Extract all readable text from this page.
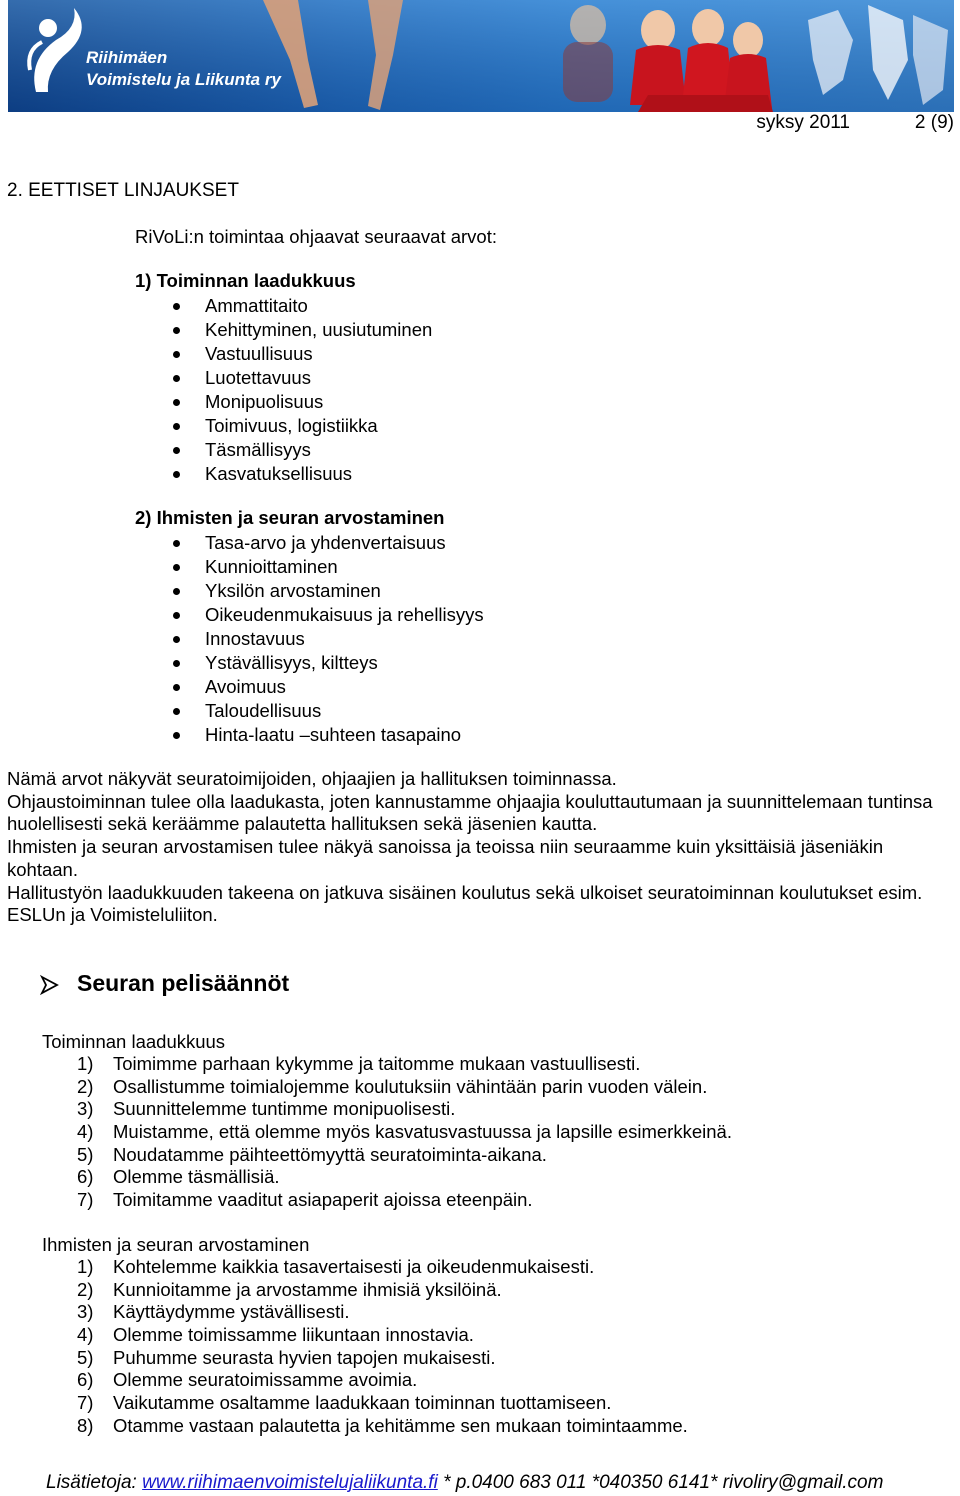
Riihimäen
Voimistelu ja Liikunta ry
syksy 2011	2 (9)
2. EETTISET LINJAUKSET
RiVoLi:n toimintaa ohjaavat seuraavat arvot:
1) Toiminnan laadukkuus
Ammattitaito
Kehittyminen, uusiutuminen
Vastuullisuus
Luotettavuus
Monipuolisuus
Toimivuus, logistiikka
Täsmällisyys
Kasvatuksellisuus
2) Ihmisten ja seuran arvostaminen
Tasa-arvo ja yhdenvertaisuus
Kunnioittaminen
Yksilön arvostaminen
Oikeudenmukaisuus ja rehellisyys
Innostavuus
Ystävällisyys, kiltteys
Avoimuus
Taloudellisuus
Hinta-laatu –suhteen tasapaino

Nämä arvot näkyvät seuratoimijoiden, ohjaajien ja hallituksen toiminnassa.

Ohjaustoiminnan tulee olla laadukasta, joten kannustamme ohjaajia kouluttautumaan ja suunnittelemaan tuntinsa huolellisesti sekä keräämme palautetta hallituksen sekä jäsenien kautta.

Ihmisten ja seuran arvostamisen tulee näkyä sanoissa ja teoissa niin seuraamme kuin yksittäisiä jäseniäkin kohtaan.

Hallitustyön laadukkuuden takeena on jatkuva sisäinen koulutus sekä ulkoiset seuratoiminnan koulutukset esim. ESLUn ja Voimisteluliiton.

Seuran pelisäännöt
Toiminnan laadukkuus
1) Toimimme parhaan kykymme ja taitomme mukaan vastuullisesti.
2) Osallistumme toimialojemme koulutuksiin vähintään parin vuoden välein.
3) Suunnittelemme tuntimme monipuolisesti.
4) Muistamme, että olemme myös kasvatusvastuussa ja lapsille esimerkkeinä.
5) Noudatamme päihteettömyyttä seuratoiminta-aikana.
6) Olemme täsmällisiä.
7) Toimitamme vaaditut asiapaperit ajoissa eteenpäin.
Ihmisten ja seuran arvostaminen
1) Kohtelemme kaikkia tasavertaisesti ja oikeudenmukaisesti.
2) Kunnioitamme ja arvostamme ihmisiä yksilöinä.
3) Käyttäydymme ystävällisesti.
4) Olemme toimissamme liikuntaan innostavia.
5) Puhumme seurasta hyvien tapojen mukaisesti.
6) Olemme seuratoimissamme avoimia.
7) Vaikutamme osaltamme laadukkaan toiminnan tuottamiseen.
8) Otamme vastaan palautetta ja kehitämme sen mukaan toimintaamme.
Lisätietoja: www.riihimaenvoimistelujaliikunta.fi * p.0400 683 011 *040350 6141* rivoliry@gmail.com
